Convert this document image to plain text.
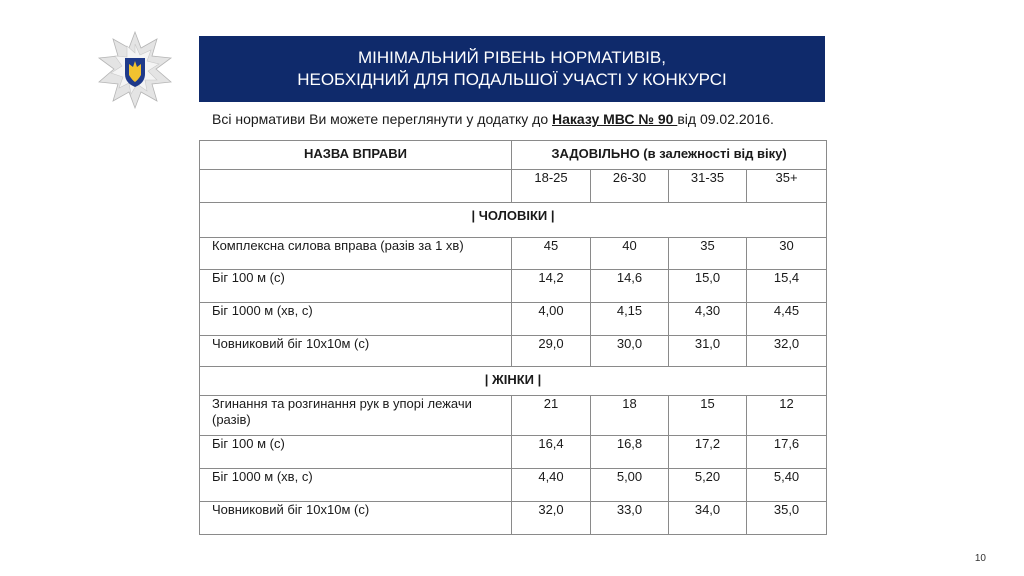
МІНІМАЛЬНИЙ РІВЕНЬ НОРМАТИВІВ,
НЕОБХІДНИЙ ДЛЯ ПОДАЛЬШОЇ УЧАСТІ У КОНКУРСІ
Всі нормативи Ви можете переглянути у додатку до Наказу МВС № 90 від 09.02.2016.
НАЗВА ВПРАВИ	ЗАДОВІЛЬНО (в залежності від віку)			
	18-25	26-30	31-35	35+
| ЧОЛОВІКИ |				
Комплексна силова вправа (разів за 1 хв)	45	40	35	30
Біг 100 м (с)	14,2	14,6	15,0	15,4
Біг 1000 м (хв, с)	4,00	4,15	4,30	4,45
Човниковий біг 10х10м (с)	29,0	30,0	31,0	32,0
| ЖІНКИ |				
Згинання та розгинання рук в упорі лежачи (разів)	21	18	15	12
Біг 100 м (с)	16,4	16,8	17,2	17,6
Біг 1000 м (хв, с)	4,40	5,00	5,20	5,40
Човниковий біг 10х10м (с)	32,0	33,0	34,0	35,0
10
